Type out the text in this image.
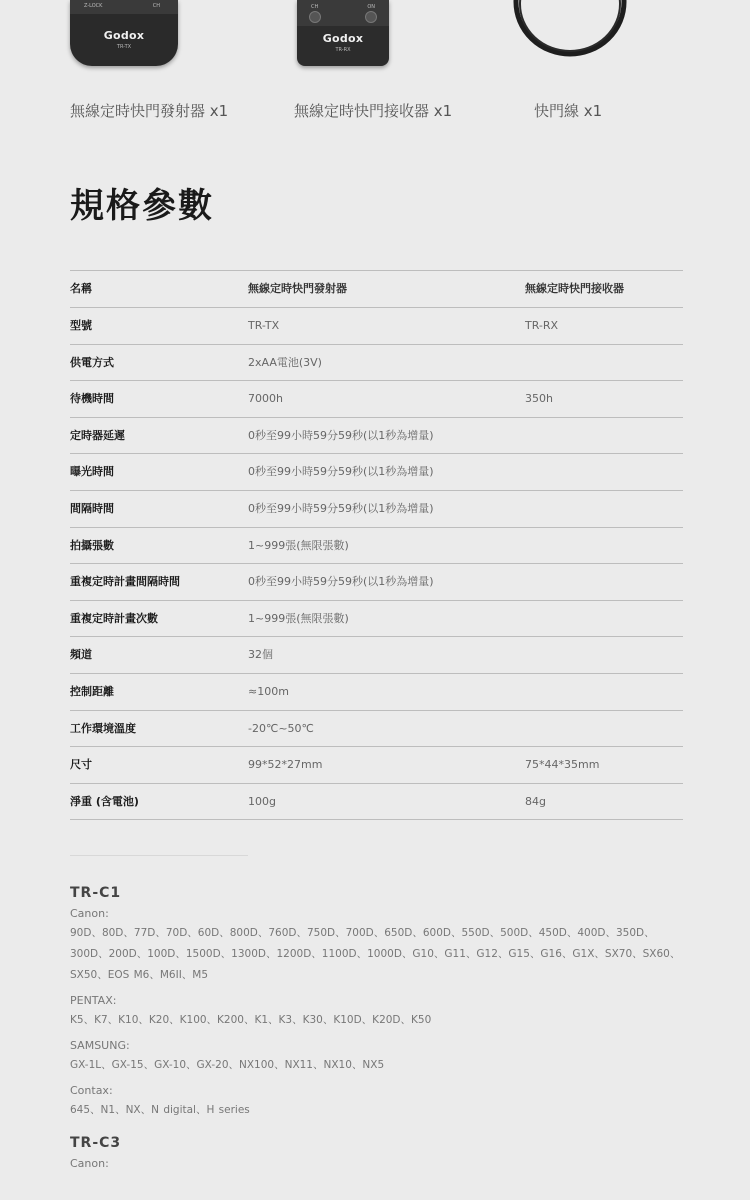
Z-LOCK	CH
Godox
TR-TX
CH	ON
Godox
TR-RX
無線定時快門發射器 x1	無線定時快門接收器 x1	快門線 x1
規格參數
名稱	無線定時快門發射器	無線定時快門接收器
型號	TR-TX	TR-RX
供電方式	2xAA電池(3V)
待機時間	7000h	350h
定時器延遲	0秒至99小時59分59秒(以1秒為增量)
曝光時間	0秒至99小時59分59秒(以1秒為增量)
間隔時間	0秒至99小時59分59秒(以1秒為增量)
拍攝張數	1~999張(無限張數)
重複定時計畫間隔時間	0秒至99小時59分59秒(以1秒為增量)
重複定時計畫次數	1~999張(無限張數)
頻道	32個
控制距離	≈100m
工作環境溫度	-20℃~50℃
尺寸	99*52*27mm	75*44*35mm
淨重 (含電池)	100g	84g

TR-C1

Canon:

90D、80D、77D、70D、60D、800D、760D、750D、700D、650D、600D、550D、500D、450D、400D、350D、300D、200D、100D、1500D、1300D、1200D、1100D、1000D、G10、G11、G12、G15、G16、G1X、SX70、SX60、SX50、EOS M6、M6II、M5

PENTAX:

K5、K7、K10、K20、K100、K200、K1、K3、K30、K10D、K20D、K50

SAMSUNG:

GX-1L、GX-15、GX-10、GX-20、NX100、NX11、NX10、NX5

Contax:

645、N1、NX、N digital、H series

TR-C3

Canon:
